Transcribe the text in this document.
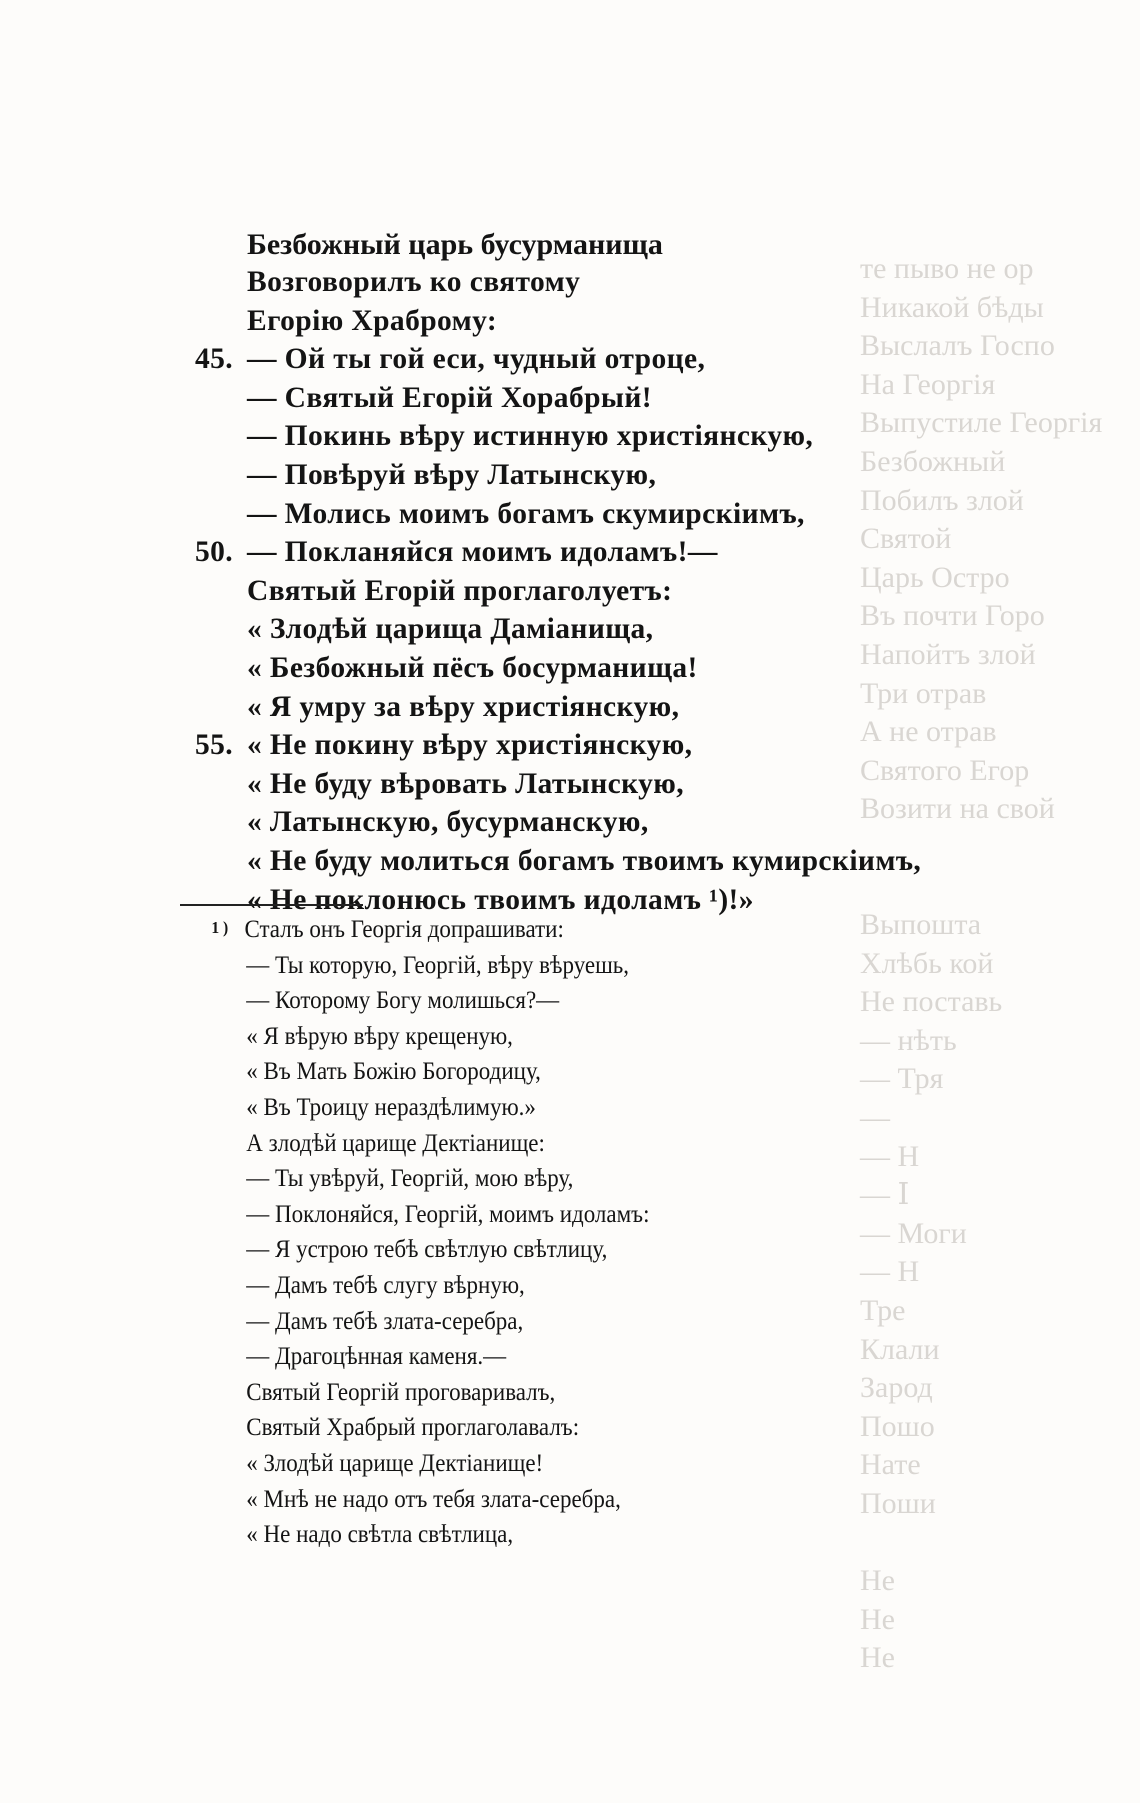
те пыво не ор
Никакой бѣды
Выслалъ Госпо
На Георгія
Выпустиле Георгія
Безбожный
Побилъ злой
Святой
Царь Остро
Въ почти Горо
Напойтъ злой
Три отрав
А не отрав
Святого Егор
Возити на свой
Выпошта
Хлѣбь кой
Не поставь
— нѣть
— Тря
—
— Н
— Ⅰ
— Моги
— Н
Тре
Клали
Зарод
Пошо
Нате
Поши
Не
Не
Не
Безбожный царь бусурманища
Возговорилъ ко святому
Егорію Храброму:
45. — Ой ты гой еси, чудный отроце,
— Святый Егорій Хорабрый!
— Покинь вѣру истинную христіянскую,
— Повѣруй вѣру Латынскую,
— Молись моимъ богамъ скумирскіимъ,
50. — Покланяйся моимъ идоламъ!—
Святый Егорій проглаголуетъ:
« Злодѣй царища Даміанища,
« Безбожный пёсъ босурманища!
« Я умру за вѣру христіянскую,
55. « Не покину вѣру христіянскую,
« Не буду вѣровать Латынскую,
« Латынскую, бусурманскую,
« Не буду молиться богамъ твоимъ кумирскіимъ,
« Не поклонюсь твоимъ идоламъ ¹)!»
1 ) Сталъ онъ Георгія допрашивати:
— Ты которую, Георгій, вѣру вѣруешь,
— Которому Богу молишься?—
« Я вѣрую вѣру крещеную,
« Въ Мать Божію Богородицу,
« Въ Троицу нераздѣлимую.»
А злодѣй царище Дектіанище:
— Ты увѣруй, Георгій, мою вѣру,
— Поклоняйся, Георгій, моимъ идоламъ:
— Я устрою тебѣ свѣтлую свѣтлицу,
— Дамъ тебѣ слугу вѣрную,
— Дамъ тебѣ злата-серебра,
— Драгоцѣнная каменя.—
Святый Георгій проговаривалъ,
Святый Храбрый проглаголавалъ:
« Злодѣй царище Дектіанище!
« Мнѣ не надо отъ тебя злата-серебра,
« Не надо свѣтла свѣтлица,
